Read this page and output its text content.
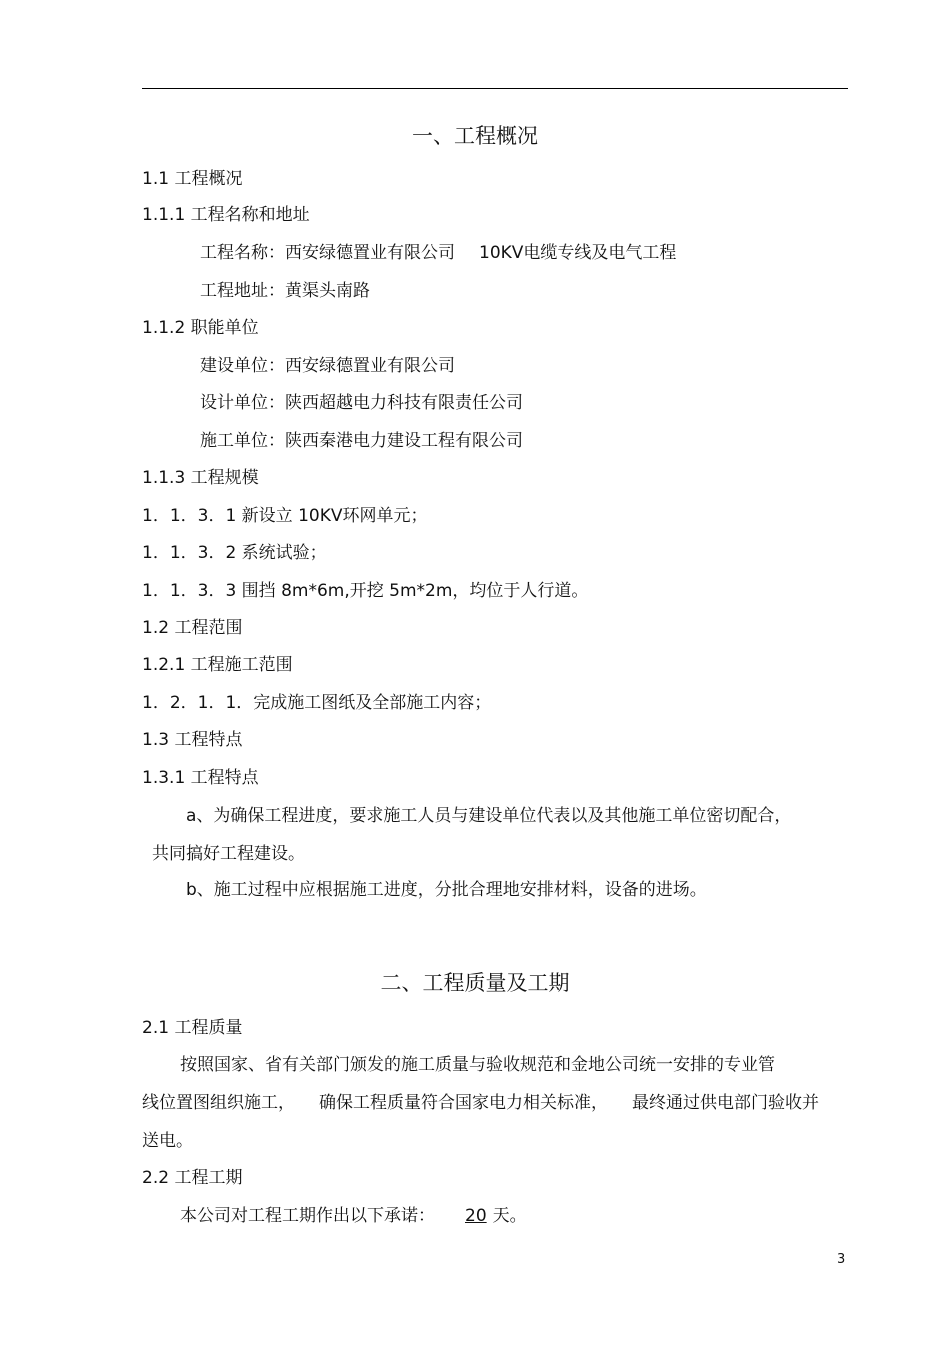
一、工程概况
1.1 工程概况
1.1.1 工程名称和地址
工程名称：西安绿德置业有限公司 10KV电缆专线及电气工程
工程地址：黄渠头南路
1.1.2 职能单位
建设单位：西安绿德置业有限公司
设计单位：陕西超越电力科技有限责任公司
施工单位：陕西秦港电力建设工程有限公司
1.1.3 工程规模
1．1．3．1 新设立 10KV环网单元；
1．1．3．2 系统试验；
1．1．3．3 围挡 8m*6m,开挖 5m*2m，均位于人行道。
1.2 工程范围
1.2.1 工程施工范围
1．2．1．1．完成施工图纸及全部施工内容；
1.3 工程特点
1.3.1 工程特点
a、为确保工程进度，要求施工人员与建设单位代表以及其他施工单位密切配合，
共同搞好工程建设。
b、施工过程中应根据施工进度，分批合理地安排材料，设备的进场。
二、工程质量及工期
2.1 工程质量
按照国家、省有关部门颁发的施工质量与验收规范和金地公司统一安排的专业管
线位置图组织施工， 确保工程质量符合国家电力相关标准， 最终通过供电部门验收并
送电。
2.2 工程工期
本公司对工程工期作出以下承诺： 20 天。
3
